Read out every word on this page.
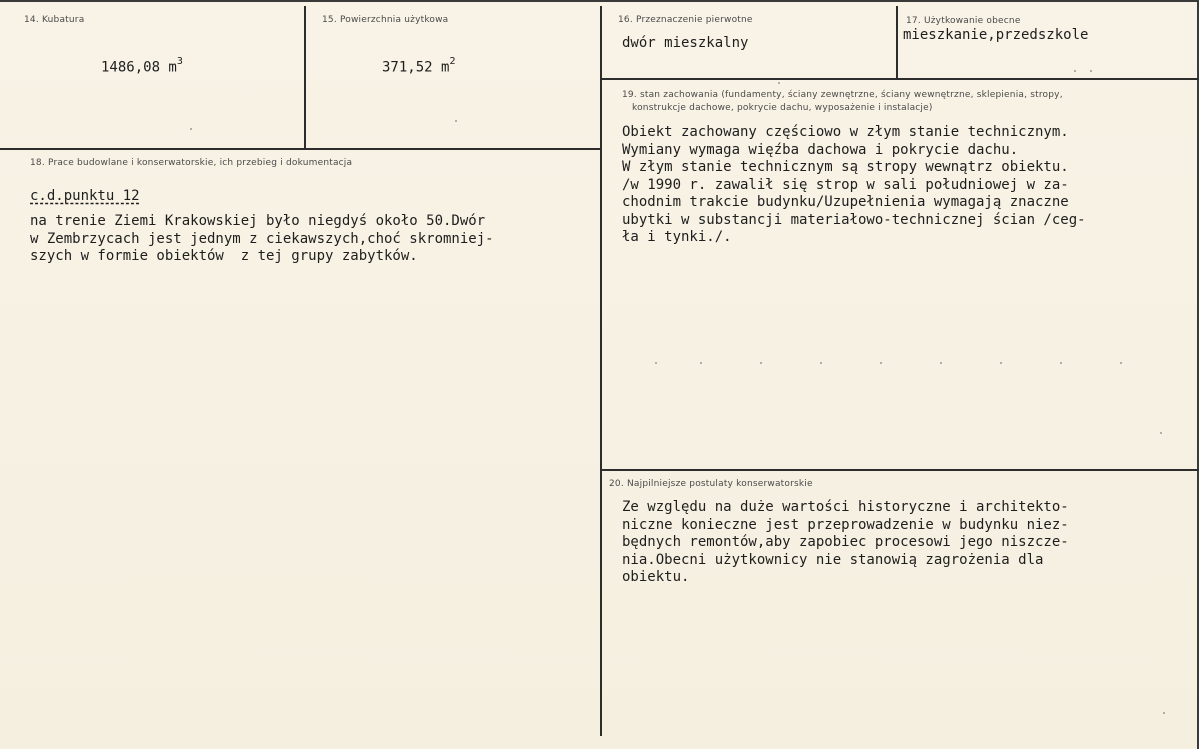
14. Kubatura
1486,08 $m^3$
15. Powierzchnia użytkowa
371,52 $m^2$
16. Przeznaczenie pierwotne
dwór mieszkalny
17. Użytkowanie obecne
mieszkanie,przedszkole
18. Prace budowlane i konserwatorskie, ich przebieg i dokumentacja
c.d.punktu 12
na trenie Ziemi Krakowskiej było niegdyś około 50.Dwór
w Zembrzycach jest jednym z ciekawszych,choć skromniej-
szych w formie obiektów  z tej grupy zabytków.
19. stan zachowania (fundamenty, ściany zewnętrzne, ściany wewnętrzne, sklepienia, stropy,
konstrukcje dachowe, pokrycie dachu, wyposażenie i instalacje)
Obiekt zachowany częściowo w złym stanie technicznym.
Wymiany wymaga więźba dachowa i pokrycie dachu.
W złym stanie technicznym są stropy wewnątrz obiektu.
/w 1990 r. zawalił się strop w sali południowej w za-
chodnim trakcie budynku/Uzupełnienia wymagają znaczne
ubytki w substancji materiałowo-technicznej ścian /ceg-
ła i tynki./.
20. Najpilniejsze postulaty konserwatorskie
Ze względu na duże wartości historyczne i architekto-
niczne konieczne jest przeprowadzenie w budynku niez-
będnych remontów,aby zapobiec procesowi jego niszcze-
nia.Obecni użytkownicy nie stanowią zagrożenia dla
obiektu.
